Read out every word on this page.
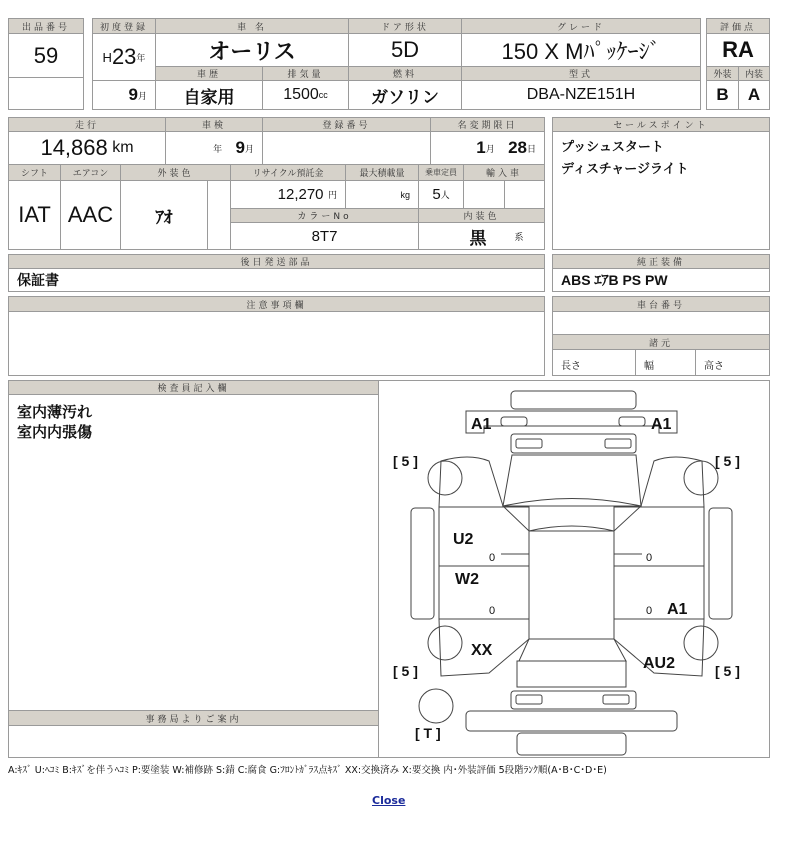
出品番号
59
初度登録
H 23 年
9 月
車 名
オーリス
ドア形状
5D
グレード
150 X Mﾊﾟｯｹｰｼﾞ
車歴
自家用
排気量
1500 cc
燃料
ガソリン
型式
DBA-NZE151H
評価点
RA
外装	内装
B	A
走行
14,868
km
車検
年
9 月
登録番号	名変期限日
1 月
28 日
シフト
IAT
エアコン
AAC
外装色
ｱｵ
リサイクル預託金
12,270
円
最大積載量
kg
乗車定員
5 人
輸入車
カラーNo
8T7
内装色
黒	系
セールスポイント
プッシュスタート
ディスチャージライト
後日発送部品
保証書
純正装備
ABS ｴｱB PS PW
注意事項欄	車台番号
諸元
長さ	幅	高さ
検査員記入欄
室内薄汚れ
室内内張傷
事務局よりご案内
A1	A1
U2
W2
A1
XX
AU2
0
0
0
0
[ 5 ]	[ 5 ]
[ 5 ]	[ 5 ]
[ T ]
A:ｷｽﾞ U:ﾍｺﾐ B:ｷｽﾞを伴うﾍｺﾐ P:要塗装 W:補修跡 S:錆 C:腐食 G:ﾌﾛﾝﾄｶﾞﾗｽ点ｷｽﾞ XX:交換済み X:要交換 内･外装評価 5段階ﾗﾝｸ順(A･B･C･D･E)
Close
